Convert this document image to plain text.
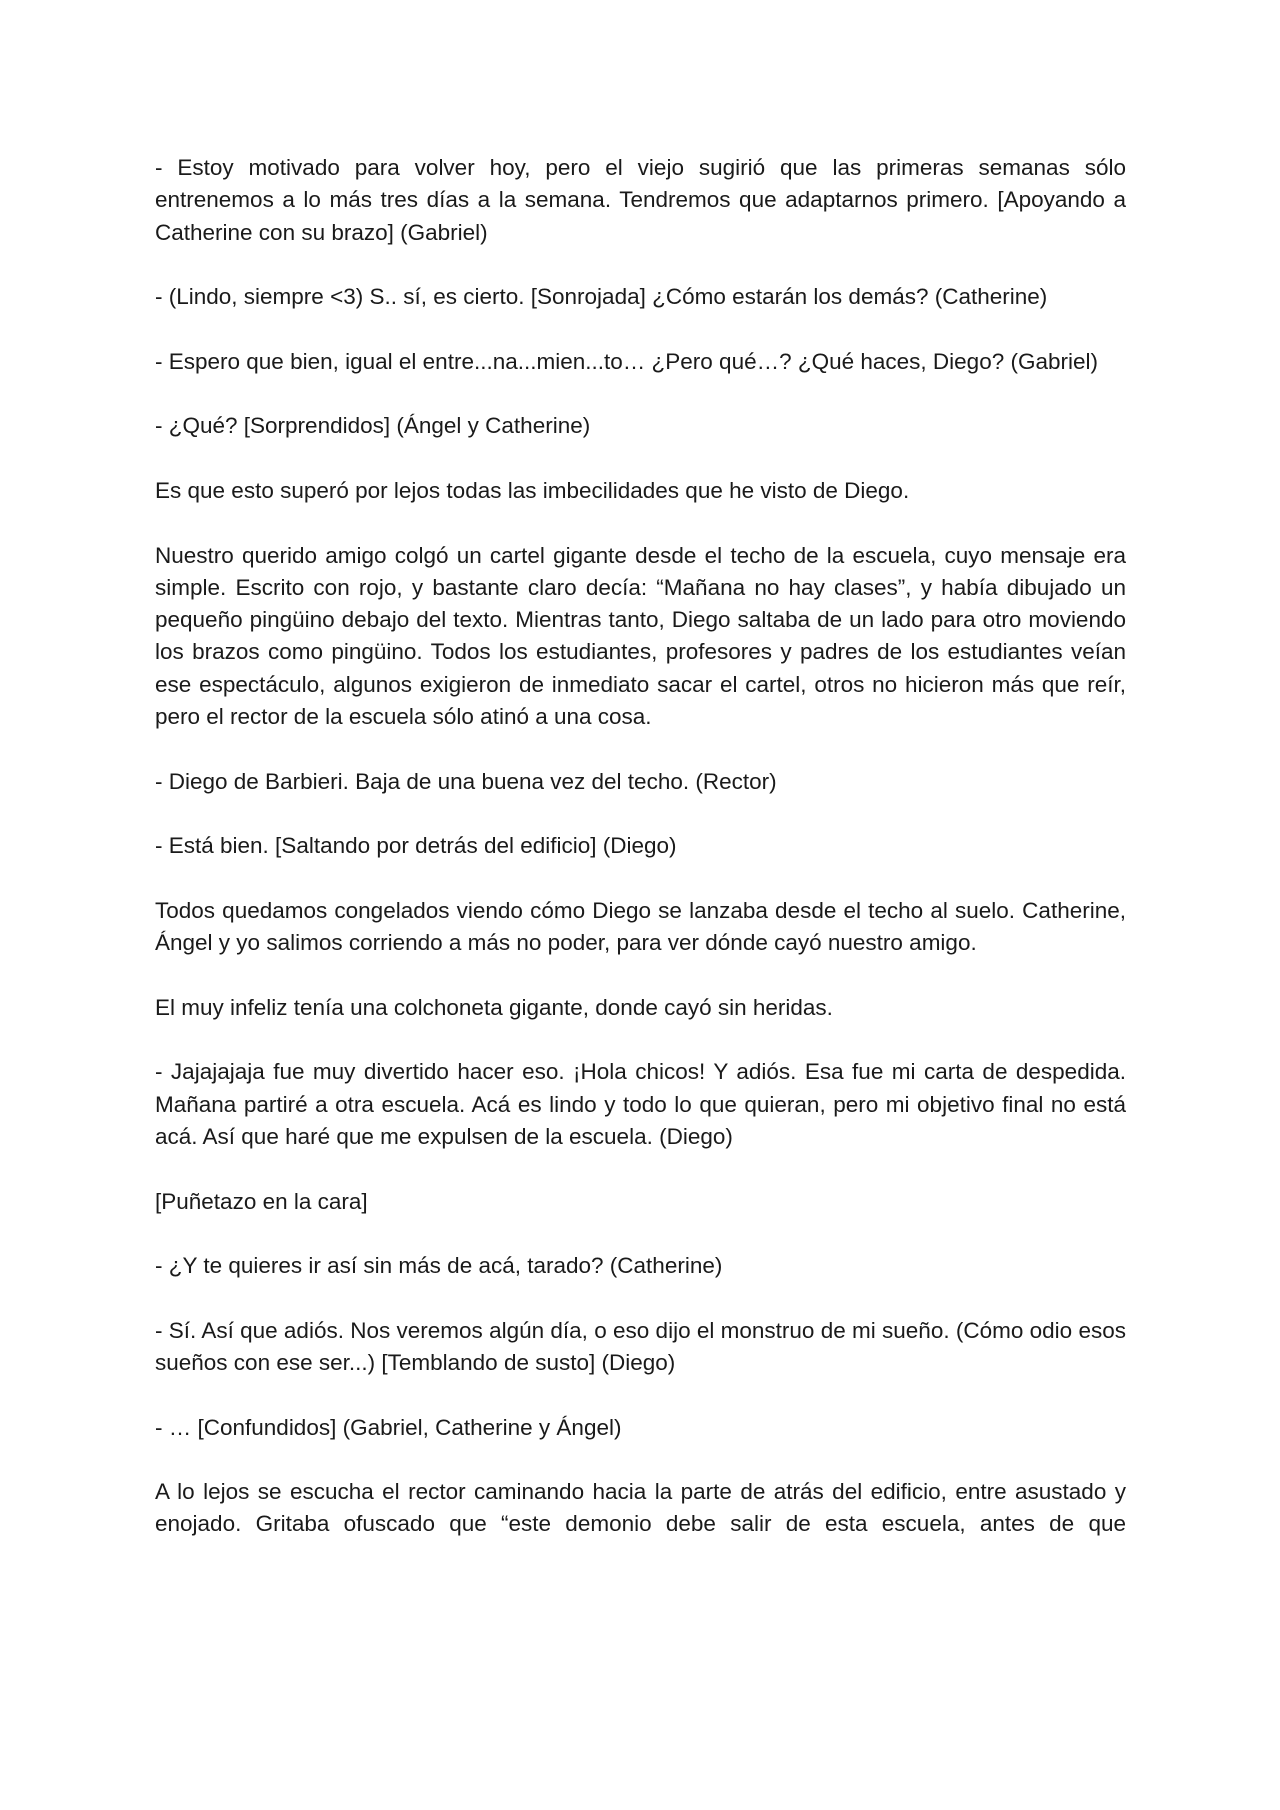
- Estoy motivado para volver hoy, pero el viejo sugirió que las primeras semanas sólo entrenemos a lo más tres días a la semana. Tendremos que adaptarnos primero. [Apoyando a Catherine con su brazo] (Gabriel)

- (Lindo, siempre <3) S.. sí, es cierto. [Sonrojada] ¿Cómo estarán los demás? (Catherine)

- Espero que bien, igual el entre...na...mien...to… ¿Pero qué…? ¿Qué haces, Diego? (Gabriel)

- ¿Qué? [Sorprendidos] (Ángel y Catherine)

Es que esto superó por lejos todas las imbecilidades que he visto de Diego.

Nuestro querido amigo colgó un cartel gigante desde el techo de la escuela, cuyo mensaje era simple. Escrito con rojo, y bastante claro decía: “Mañana no hay clases”, y había dibujado un pequeño pingüino debajo del texto. Mientras tanto, Diego saltaba de un lado para otro moviendo los brazos como pingüino. Todos los estudiantes, profesores y padres de los estudiantes veían ese espectáculo, algunos exigieron de inmediato sacar el cartel, otros no hicieron más que reír, pero el rector de la escuela sólo atinó a una cosa.

- Diego de Barbieri. Baja de una buena vez del techo. (Rector)

- Está bien. [Saltando por detrás del edificio] (Diego)

Todos quedamos congelados viendo cómo Diego se lanzaba desde el techo al suelo. Catherine, Ángel y yo salimos corriendo a más no poder, para ver dónde cayó nuestro amigo.

El muy infeliz tenía una colchoneta gigante, donde cayó sin heridas.

- Jajajajaja fue muy divertido hacer eso. ¡Hola chicos! Y adiós. Esa fue mi carta de despedida. Mañana partiré a otra escuela. Acá es lindo y todo lo que quieran, pero mi objetivo final no está acá. Así que haré que me expulsen de la escuela. (Diego)

[Puñetazo en la cara]

- ¿Y te quieres ir así sin más de acá, tarado? (Catherine)

- Sí. Así que adiós. Nos veremos algún día, o eso dijo el monstruo de mi sueño. (Cómo odio esos sueños con ese ser...) [Temblando de susto] (Diego)

- … [Confundidos] (Gabriel, Catherine y Ángel)

A lo lejos se escucha el rector caminando hacia la parte de atrás del edificio, entre asustado y enojado. Gritaba ofuscado que “este demonio debe salir de esta escuela, antes de que
